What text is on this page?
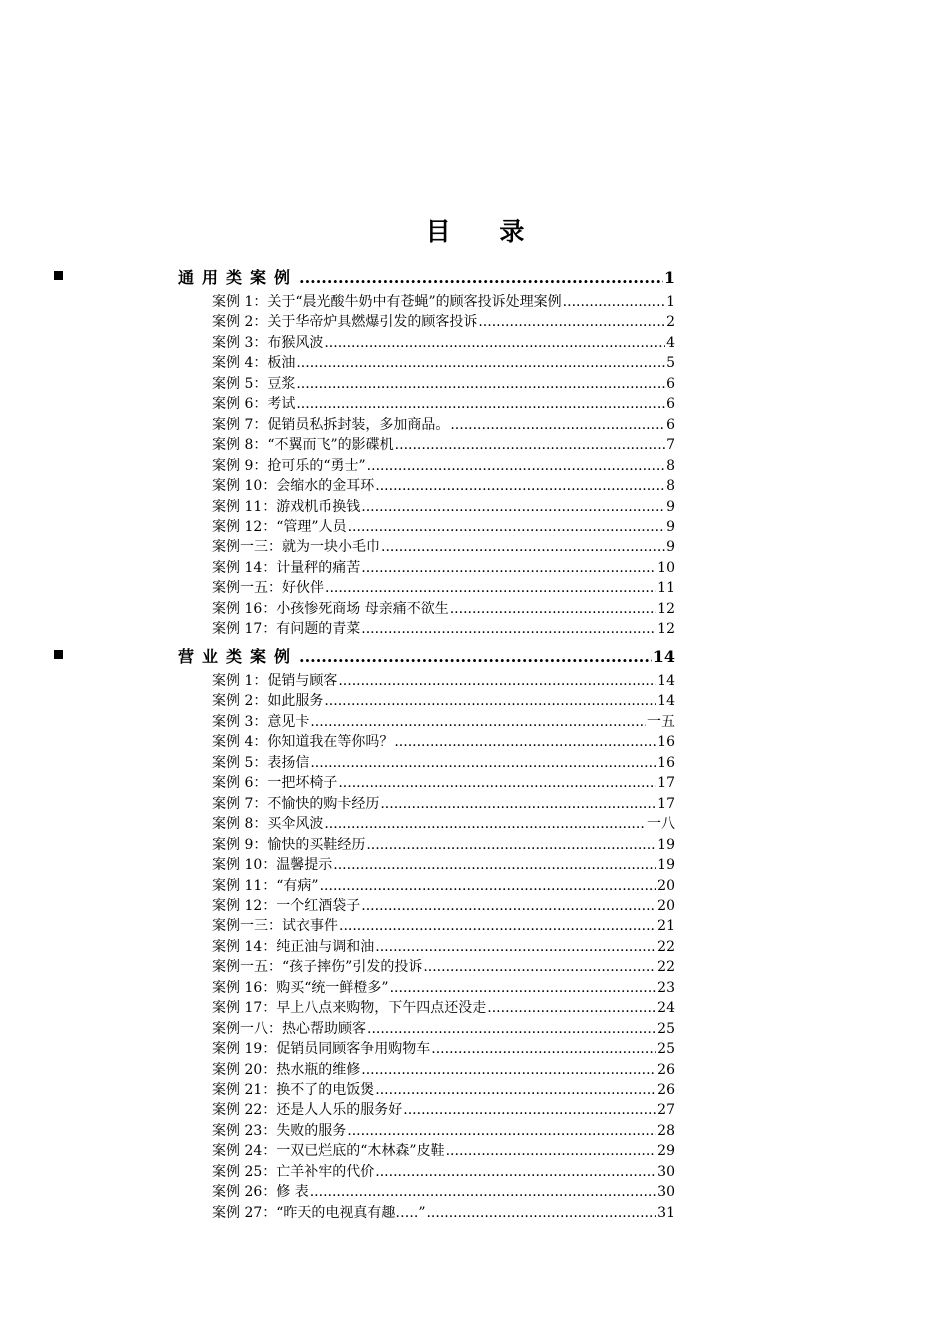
目 录
通用类案例 .....	1
案例 1：关于“晨光酸牛奶中有苍蝇”的顾客投诉处理案例 .....	1
案例 2：关于华帝炉具燃爆引发的顾客投诉 .....	2
案例 3：布猴风波 .....	4
案例 4：板油 .....	5
案例 5：豆浆 .....	6
案例 6：考试 .....	6
案例 7：促销员私拆封装，多加商品。 .....	6
案例 8：“不翼而飞”的影碟机 .....	7
案例 9：抢可乐的“勇士” .....	8
案例 10：会缩水的金耳环 .....	8
案例 11：游戏机币换钱 .....	9
案例 12：“管理”人员 .....	9
案例一三：就为一块小毛巾 .....	9
案例 14：计量秤的痛苦 .....	10
案例一五：好伙伴 .....	11
案例 16：小孩惨死商场 母亲痛不欲生 .....	12
案例 17：有问题的青菜 .....	12
营业类案例 .....	14
案例 1：促销与顾客 .....	14
案例 2：如此服务 .....	14
案例 3：意见卡 .....	一五
案例 4：你知道我在等你吗？ .....	16
案例 5：表扬信 .....	16
案例 6：一把坏椅子 .....	17
案例 7：不愉快的购卡经历 .....	17
案例 8：买伞风波 .....	一八
案例 9：愉快的买鞋经历 .....	19
案例 10：温馨提示 .....	19
案例 11：“有病” .....	20
案例 12：一个红酒袋子 .....	20
案例一三：试衣事件 .....	21
案例 14：纯正油与调和油 .....	22
案例一五：“孩子摔伤”引发的投诉 .....	22
案例 16：购买“统一鲜橙多” .....	23
案例 17：早上八点来购物，下午四点还没走 .....	24
案例一八：热心帮助顾客 .....	25
案例 19：促销员同顾客争用购物车 .....	25
案例 20：热水瓶的维修 .....	26
案例 21：换不了的电饭煲 .....	26
案例 22：还是人人乐的服务好 .....	27
案例 23：失败的服务 .....	28
案例 24：一双已烂底的“木林森”皮鞋 .....	29
案例 25：亡羊补牢的代价 .....	30
案例 26：修 表 .....	30
案例 27：“昨天的电视真有趣…..” .....	31
